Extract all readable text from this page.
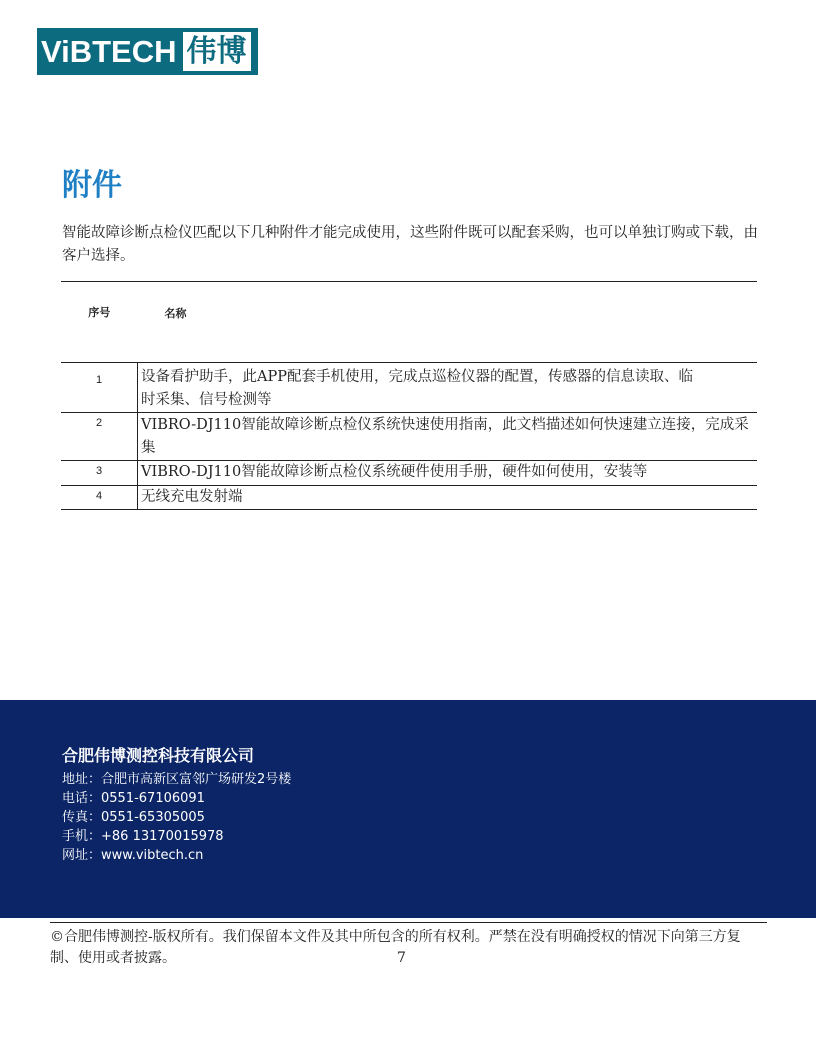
ViBTECH 伟博
附件

智能故障诊断点检仪匹配以下几种附件才能完成使用，这些附件既可以配套采购，也可以单独订购或下载，由客户选择。

序号	名称
1	设备看护助手，此APP配套手机使用，完成点巡检仪器的配置，传感器的信息读取、临时采集、信号检测等
2	VIBRO-DJ110智能故障诊断点检仪系统快速使用指南，此文档描述如何快速建立连接，完成采集
3	VIBRO-DJ110智能故障诊断点检仪系统硬件使用手册，硬件如何使用，安装等
4	无线充电发射端

合肥伟博测控科技有限公司

地址：合肥市高新区富邻广场研发2号楼
电话：0551-67106091
传真：0551-65305005
手机：+86 13170015978
网址：www.vibtech.cn
©合肥伟博测控-版权所有。我们保留本文件及其中所包含的所有权利。严禁在没有明确授权的情况下向第三方复制、使用或者披露。	7
